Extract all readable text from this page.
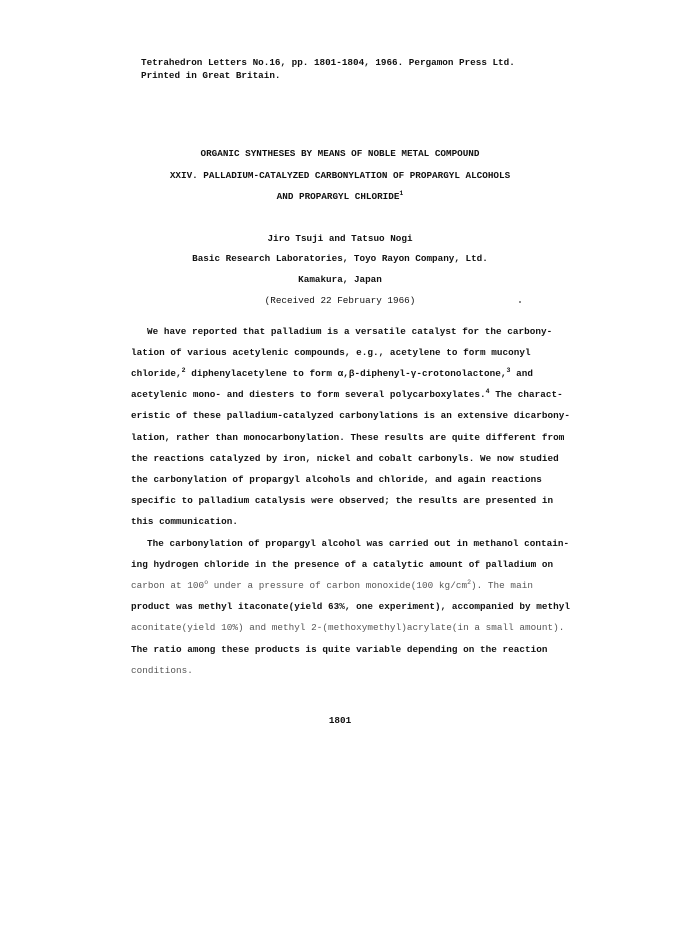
Tetrahedron Letters No.16, pp. 1801-1804, 1966. Pergamon Press Ltd.
Printed in Great Britain.
ORGANIC SYNTHESES BY MEANS OF NOBLE METAL COMPOUND
XXIV. PALLADIUM-CATALYZED CARBONYLATION OF PROPARGYL ALCOHOLS
AND PROPARGYL CHLORIDE$^1$
Jiro Tsuji and Tatsuo Nogi
Basic Research Laboratories, Toyo Rayon Company, Ltd.
Kamakura, Japan
(Received 22 February 1966)
We have reported that palladium is a versatile catalyst for the carbony-
lation of various acetylenic compounds, e.g., acetylene to form muconyl
chloride,$^2$ diphenylacetylene to form α,β-diphenyl-γ-crotonolactone,$^3$ and
acetylenic mono- and diesters to form several polycarboxylates.$^4$ The charact-
eristic of these palladium-catalyzed carbonylations is an extensive dicarbony-
lation, rather than monocarbonylation. These results are quite different from
the reactions catalyzed by iron, nickel and cobalt carbonyls. We now studied
the carbonylation of propargyl alcohols and chloride, and again reactions
specific to palladium catalysis were observed; the results are presented in
this communication.
The carbonylation of propargyl alcohol was carried out in methanol contain-
ing hydrogen chloride in the presence of a catalytic amount of palladium on
carbon at 100$^o$ under a pressure of carbon monoxide(100 $kg/cm^2$). The main
product was methyl itaconate(yield 63%, one experiment), accompanied by methyl
aconitate(yield 10%) and methyl 2-(methoxymethyl)acrylate(in a small amount).
The ratio among these products is quite variable depending on the reaction
conditions.
1801
